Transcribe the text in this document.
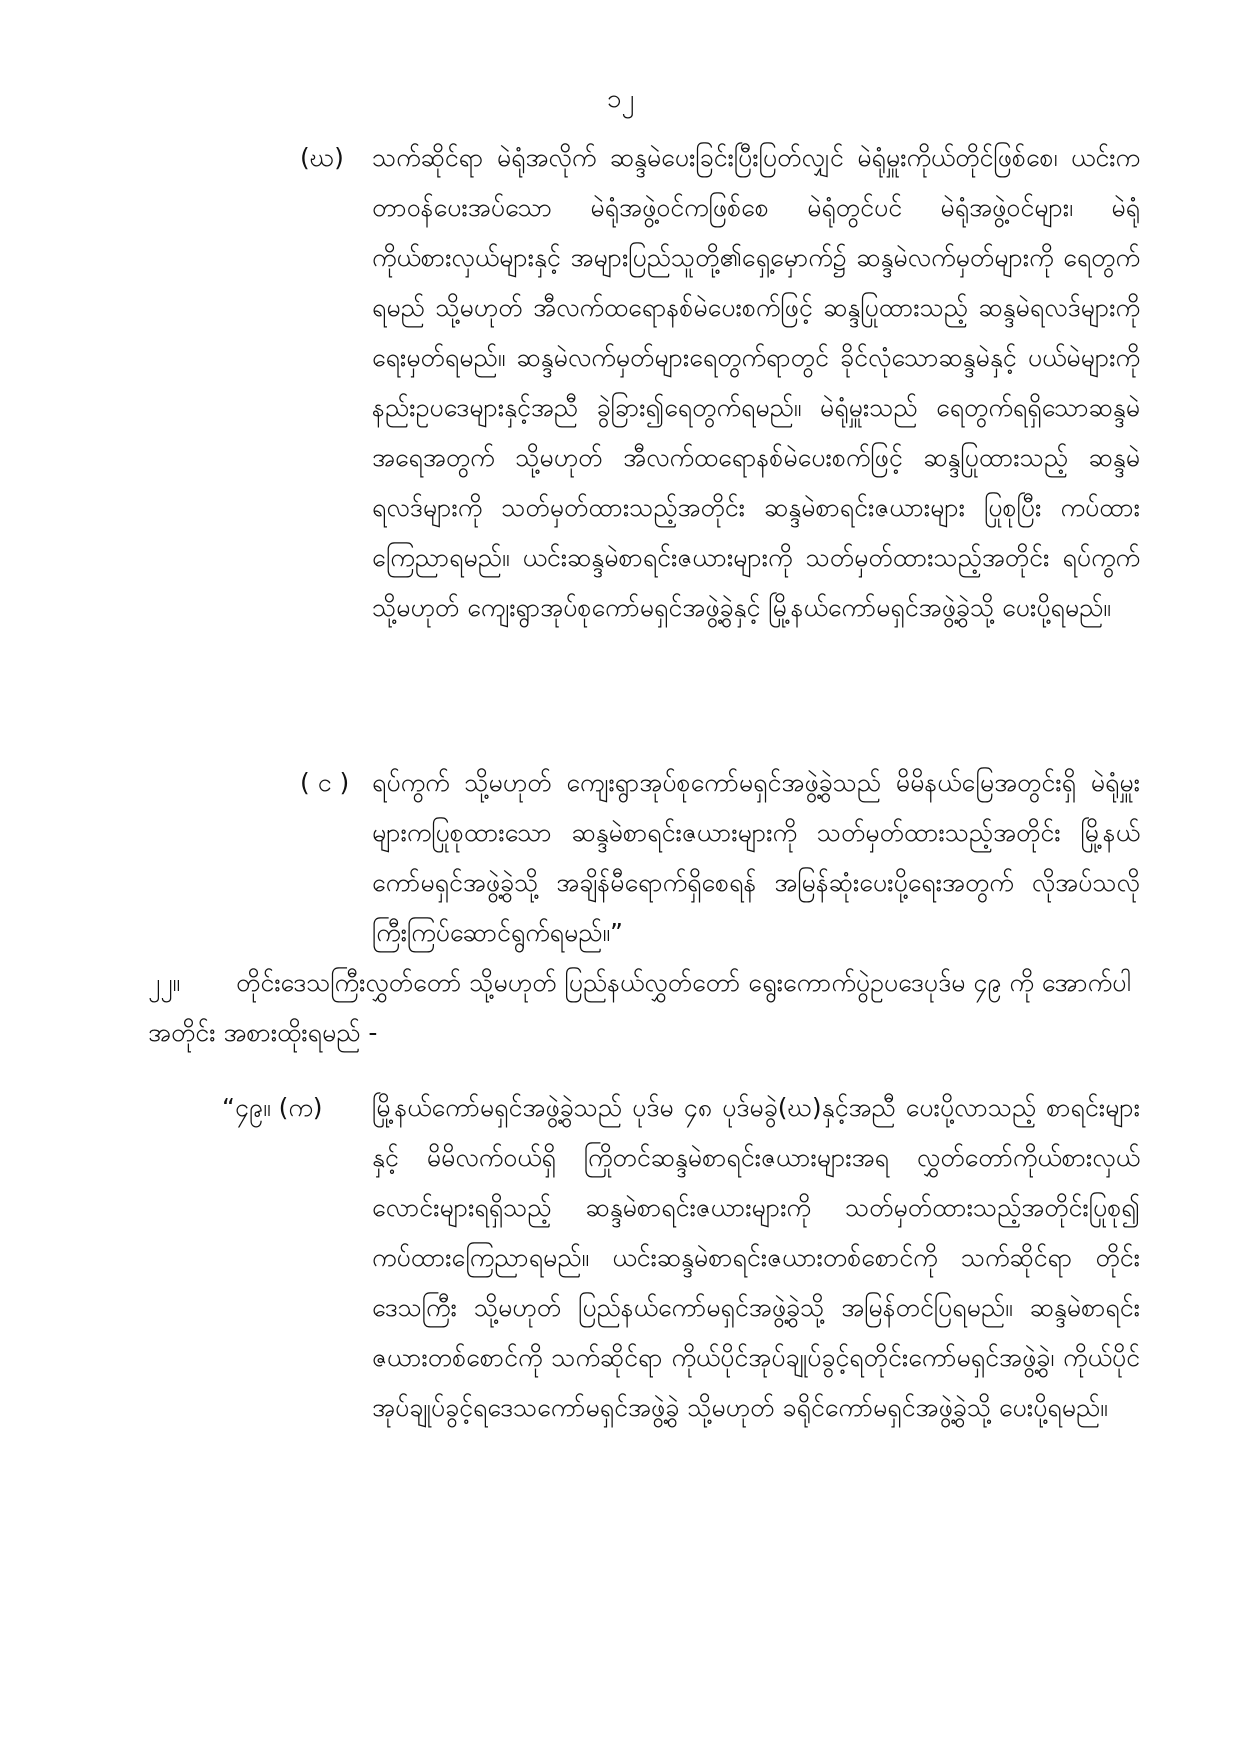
၁၂
(ဃ) သက်ဆိုင်ရာ မဲရုံအလိုက် ဆန္ဒမဲပေးခြင်းပြီးပြတ်လျှင် မဲရုံမှူးကိုယ်တိုင်ဖြစ်စေ၊ ယင်းကတာဝန်ပေးအပ်သော မဲရုံအဖွဲ့ဝင်ကဖြစ်စေ မဲရုံတွင်ပင် မဲရုံအဖွဲ့ဝင်များ၊ မဲရုံကိုယ်စားလှယ်များနှင့် အများပြည်သူတို့၏ရှေ့မှောက်၌ ဆန္ဒမဲလက်မှတ်များကို ရေတွက်ရမည် သို့မဟုတ် အီလက်ထရောနစ်မဲပေးစက်ဖြင့် ဆန္ဒပြုထားသည့် ဆန္ဒမဲရလဒ်များကို ရေးမှတ်ရမည်။ ဆန္ဒမဲလက်မှတ်များရေတွက်ရာတွင် ခိုင်လုံသောဆန္ဒမဲနှင့် ပယ်မဲများကို နည်းဥပဒေများနှင့်အညီ ခွဲခြား၍ရေတွက်ရမည်။ မဲရုံမှူးသည် ရေတွက်ရရှိသောဆန္ဒမဲအရေအတွက် သို့မဟုတ် အီလက်ထရောနစ်မဲပေးစက်ဖြင့် ဆန္ဒပြုထားသည့် ဆန္ဒမဲရလဒ်များကို သတ်မှတ်ထားသည့်အတိုင်း ဆန္ဒမဲစာရင်းဇယားများ ပြုစုပြီး ကပ်ထားကြေညာရမည်။ ယင်းဆန္ဒမဲစာရင်းဇယားများကို သတ်မှတ်ထားသည့်အတိုင်း ရပ်ကွက် သို့မဟုတ် ကျေးရွာအုပ်စုကော်မရှင်အဖွဲ့ခွဲနှင့် မြို့နယ်ကော်မရှင်အဖွဲ့ခွဲသို့ ပေးပို့ရမည်။
( င ) ရပ်ကွက် သို့မဟုတ် ကျေးရွာအုပ်စုကော်မရှင်အဖွဲ့ခွဲသည် မိမိနယ်မြေအတွင်းရှိ မဲရုံမှူးများကပြုစုထားသော ဆန္ဒမဲစာရင်းဇယားများကို သတ်မှတ်ထားသည့်အတိုင်း မြို့နယ်ကော်မရှင်အဖွဲ့ခွဲသို့ အချိန်မီရောက်ရှိစေရန် အမြန်ဆုံးပေးပို့ရေးအတွက် လိုအပ်သလို ကြီးကြပ်ဆောင်ရွက်ရမည်။”
၂၂။ တိုင်းဒေသကြီးလွှတ်တော် သို့မဟုတ် ပြည်နယ်လွှတ်တော် ရွေးကောက်ပွဲဥပဒေပုဒ်မ ၄၉ ကို အောက်ပါအတိုင်း အစားထိုးရမည် -
“၄၉။ (က) မြို့နယ်ကော်မရှင်အဖွဲ့ခွဲသည် ပုဒ်မ ၄၈ ပုဒ်မခွဲ(ဃ)နှင့်အညီ ပေးပို့လာသည့် စာရင်းများနှင့် မိမိလက်ဝယ်ရှိ ကြိုတင်ဆန္ဒမဲစာရင်းဇယားများအရ လွှတ်တော်ကိုယ်စားလှယ်လောင်းများရရှိသည့် ဆန္ဒမဲစာရင်းဇယားများကို သတ်မှတ်ထားသည့်အတိုင်းပြုစု၍ ကပ်ထားကြေညာရမည်။ ယင်းဆန္ဒမဲစာရင်းဇယားတစ်စောင်ကို သက်ဆိုင်ရာ တိုင်းဒေသကြီး သို့မဟုတ် ပြည်နယ်ကော်မရှင်အဖွဲ့ခွဲသို့ အမြန်တင်ပြရမည်။ ဆန္ဒမဲစာရင်းဇယားတစ်စောင်ကို သက်ဆိုင်ရာ ကိုယ်ပိုင်အုပ်ချုပ်ခွင့်ရတိုင်းကော်မရှင်အဖွဲ့ခွဲ၊ ကိုယ်ပိုင်အုပ်ချုပ်ခွင့်ရဒေသကော်မရှင်အဖွဲ့ခွဲ သို့မဟုတ် ခရိုင်ကော်မရှင်အဖွဲ့ခွဲသို့ ပေးပို့ရမည်။
